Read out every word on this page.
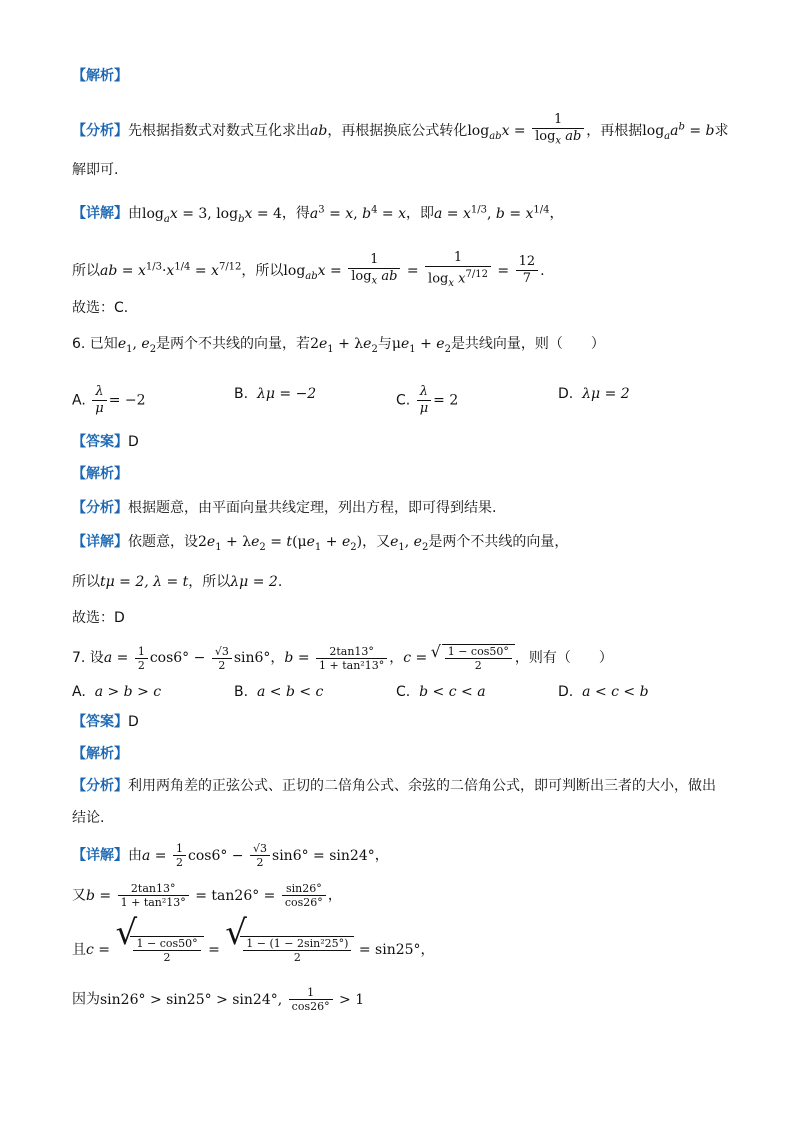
【解析】
【分析】先根据指数式对数式互化求出ab，再根据换底公式转化$\log_{ab}x = \frac{1}{\log_x ab}$ ，再根据$\log_aa^b = b$求
解即可.
【详解】由$\log_ax = 3$, $\log_bx = 4$，得$a^3 = x$, $b^4 = x$，即$a = x^{1/3}$, $b = x^{1/4}$，
所以ab = $x^{1/3}\cdot x^{1/4} = x^{7/12}$，所以$\log_{ab}x = \frac{1}{\log_x ab} = \frac{1}{\log_x x^{7/12}} = \frac{12}{7}$ .
故选：C.
6. 已知$e_1$, $e_2$是两个不共线的向量，若$2e_1 + \lambda e_2$与$\mu e_1 + e_2$是共线向量，则（　　）
A. $\frac{\lambda}{\mu} = -2$	B. λμ = −2	C. $\frac{\lambda}{\mu} = 2$	D. λμ = 2
【答案】D
【解析】
【分析】根据题意，由平面向量共线定理，列出方程，即可得到结果.
【详解】依题意，设$2e_1 + \lambda e_2 = t(\mu e_1 + e_2)$，又$e_1$, $e_2$是两个不共线的向量，
所以tμ = 2, λ = t，所以λμ = 2.
故选：D
7. 设$a = \frac{1}{2} \cos 6^\circ - \frac{√3}{2} \sin 6^\circ$，$b = \frac{2\tan 13^\circ}{\text{1 + tan²13°}}$ ，c = √ $\frac{1 - \cos 50^\circ}{2}$ ，则有（　　）
A. a > b > c	B. a < b < c	C. b < c < a	D. a < c < b
【答案】D
【解析】
【分析】利用两角差的正弦公式、正切的二倍角公式、余弦的二倍角公式，即可判断出三者的大小，做出
结论.
【详解】由$a = \frac{1}{2} \cos 6^\circ - \frac{√3}{2} \sin 6^\circ = \sin 24^\circ$，
又$b = \frac{2\tan 13^\circ}{\text{1 + tan²13°}} = \tan 26^\circ = \frac{\sin 26^\circ}{\cos 26^\circ}$ ，
且c = √ $\frac{1 - \cos 50^\circ}{2}$ = √ $\frac{\text{1 − (1 − 2sin²25°)}}{2} = \sin 25^\circ$，
因为sin26° > sin25° > sin24°, $\frac{1}{\cos 26^\circ} > 1$
